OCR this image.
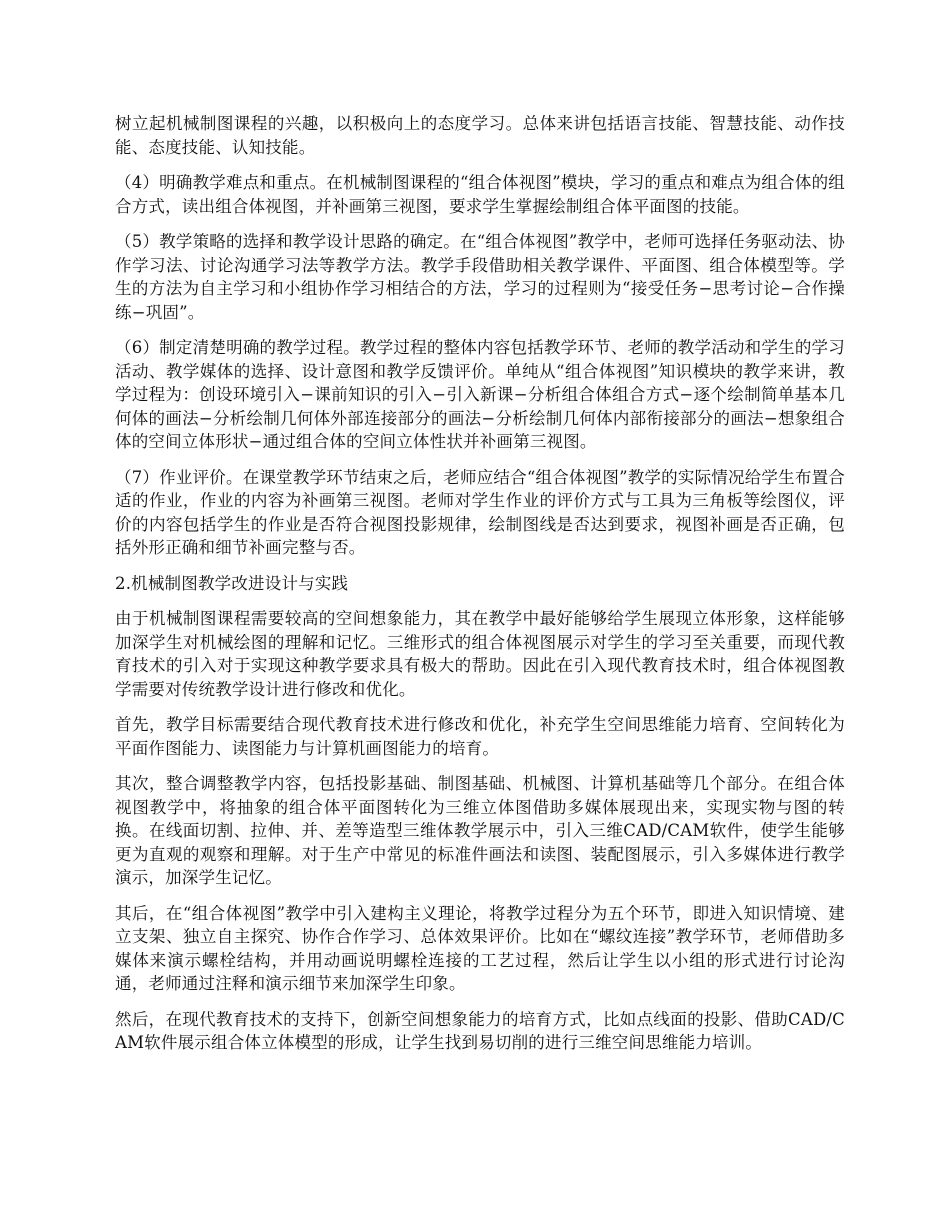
树立起机械制图课程的兴趣，以积极向上的态度学习。总体来讲包括语言技能、智慧技能、动作技能、态度技能、认知技能。

（4）明确教学难点和重点。在机械制图课程的“组合体视图”模块，学习的重点和难点为组合体的组合方式，读出组合体视图，并补画第三视图，要求学生掌握绘制组合体平面图的技能。

（5）教学策略的选择和教学设计思路的确定。在“组合体视图”教学中，老师可选择任务驱动法、协作学习法、讨论沟通学习法等教学方法。教学手段借助相关教学课件、平面图、组合体模型等。学生的方法为自主学习和小组协作学习相结合的方法，学习的过程则为“接受任务−思考讨论−合作操练−巩固”。

（6）制定清楚明确的教学过程。教学过程的整体内容包括教学环节、老师的教学活动和学生的学习活动、教学媒体的选择、设计意图和教学反馈评价。单纯从“组合体视图”知识模块的教学来讲，教学过程为：创设环境引入−课前知识的引入−引入新课−分析组合体组合方式−逐个绘制简单基本几何体的画法−分析绘制几何体外部连接部分的画法−分析绘制几何体内部衔接部分的画法−想象组合体的空间立体形状−通过组合体的空间立体性状并补画第三视图。

（7）作业评价。在课堂教学环节结束之后，老师应结合“组合体视图”教学的实际情况给学生布置合适的作业，作业的内容为补画第三视图。老师对学生作业的评价方式与工具为三角板等绘图仪，评价的内容包括学生的作业是否符合视图投影规律，绘制图线是否达到要求，视图补画是否正确，包括外形正确和细节补画完整与否。

2.机械制图教学改进设计与实践

由于机械制图课程需要较高的空间想象能力，其在教学中最好能够给学生展现立体形象，这样能够加深学生对机械绘图的理解和记忆。三维形式的组合体视图展示对学生的学习至关重要，而现代教育技术的引入对于实现这种教学要求具有极大的帮助。因此在引入现代教育技术时，组合体视图教学需要对传统教学设计进行修改和优化。

首先，教学目标需要结合现代教育技术进行修改和优化，补充学生空间思维能力培育、空间转化为平面作图能力、读图能力与计算机画图能力的培育。

其次，整合调整教学内容，包括投影基础、制图基础、机械图、计算机基础等几个部分。在组合体视图教学中，将抽象的组合体平面图转化为三维立体图借助多媒体展现出来，实现实物与图的转换。在线面切割、拉伸、并、差等造型三维体教学展示中，引入三维CAD/CAM软件，使学生能够更为直观的观察和理解。对于生产中常见的标准件画法和读图、装配图展示，引入多媒体进行教学演示，加深学生记忆。

其后，在“组合体视图”教学中引入建构主义理论，将教学过程分为五个环节，即进入知识情境、建立支架、独立自主探究、协作合作学习、总体效果评价。比如在“螺纹连接”教学环节，老师借助多媒体来演示螺栓结构，并用动画说明螺栓连接的工艺过程，然后让学生以小组的形式进行讨论沟通，老师通过注释和演示细节来加深学生印象。

然后，在现代教育技术的支持下，创新空间想象能力的培育方式，比如点线面的投影、借助CAD/CAM软件展示组合体立体模型的形成，让学生找到易切削的进行三维空间思维能力培训。
